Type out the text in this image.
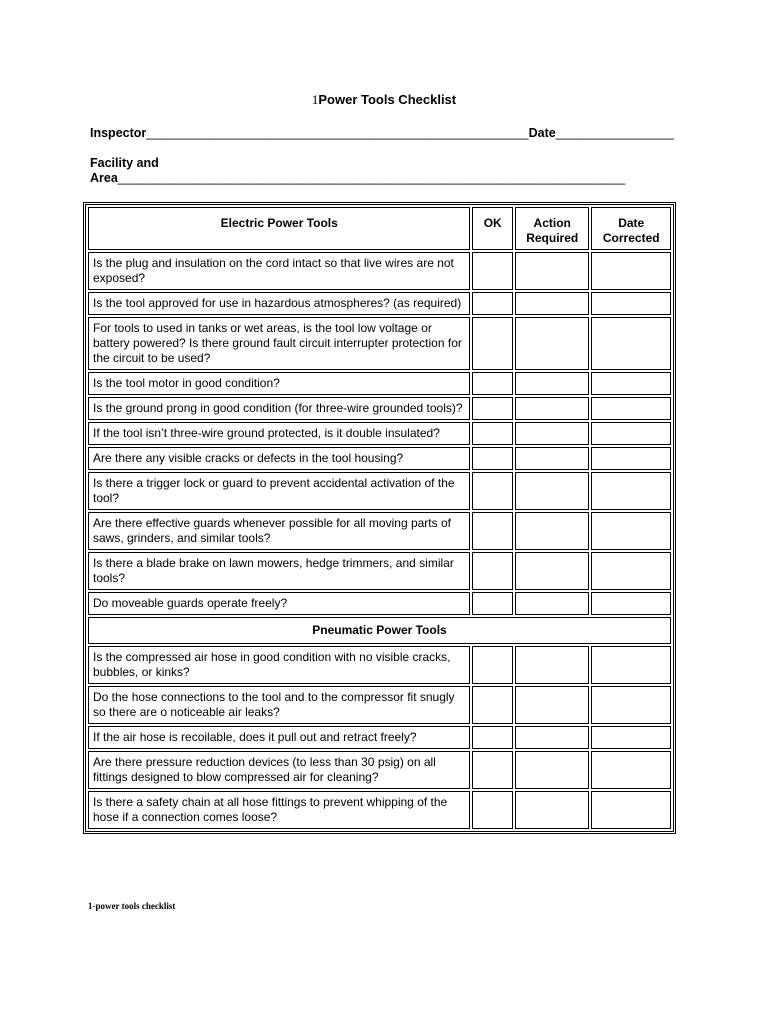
1Power Tools Checklist
Inspector_______________________________________________________Date_________________
Facility and
Area_________________________________________________________________________
Electric Power Tools	OK	Action Required	Date Corrected
Is the plug and insulation on the cord intact so that live wires are not exposed?			
Is the tool approved for use in hazardous atmospheres? (as required)			
For tools to used in tanks or wet areas, is the tool low voltage or battery powered? Is there ground fault circuit interrupter protection for the circuit to be used?			
Is the tool motor in good condition?			
Is the ground prong in good condition (for three-wire grounded tools)?			
If the tool isn’t three-wire ground protected, is it double insulated?			
Are there any visible cracks or defects in the tool housing?			
Is there a trigger lock or guard to prevent accidental activation of the tool?			
Are there effective guards whenever possible for all moving parts of saws, grinders, and similar tools?			
Is there a blade brake on lawn mowers, hedge trimmers, and similar tools?			
Do moveable guards operate freely?			
Pneumatic Power Tools			
Is the compressed air hose in good condition with no visible cracks, bubbles, or kinks?			
Do the hose connections to the tool and to the compressor fit snugly so there are o noticeable air leaks?			
If the air hose is recoilable, does it pull out and retract freely?			
Are there pressure reduction devices (to less than 30 psig) on all fittings designed to blow compressed air for cleaning?			
Is there a safety chain at all hose fittings to prevent whipping of the hose if a connection comes loose?			
1-power tools checklist
